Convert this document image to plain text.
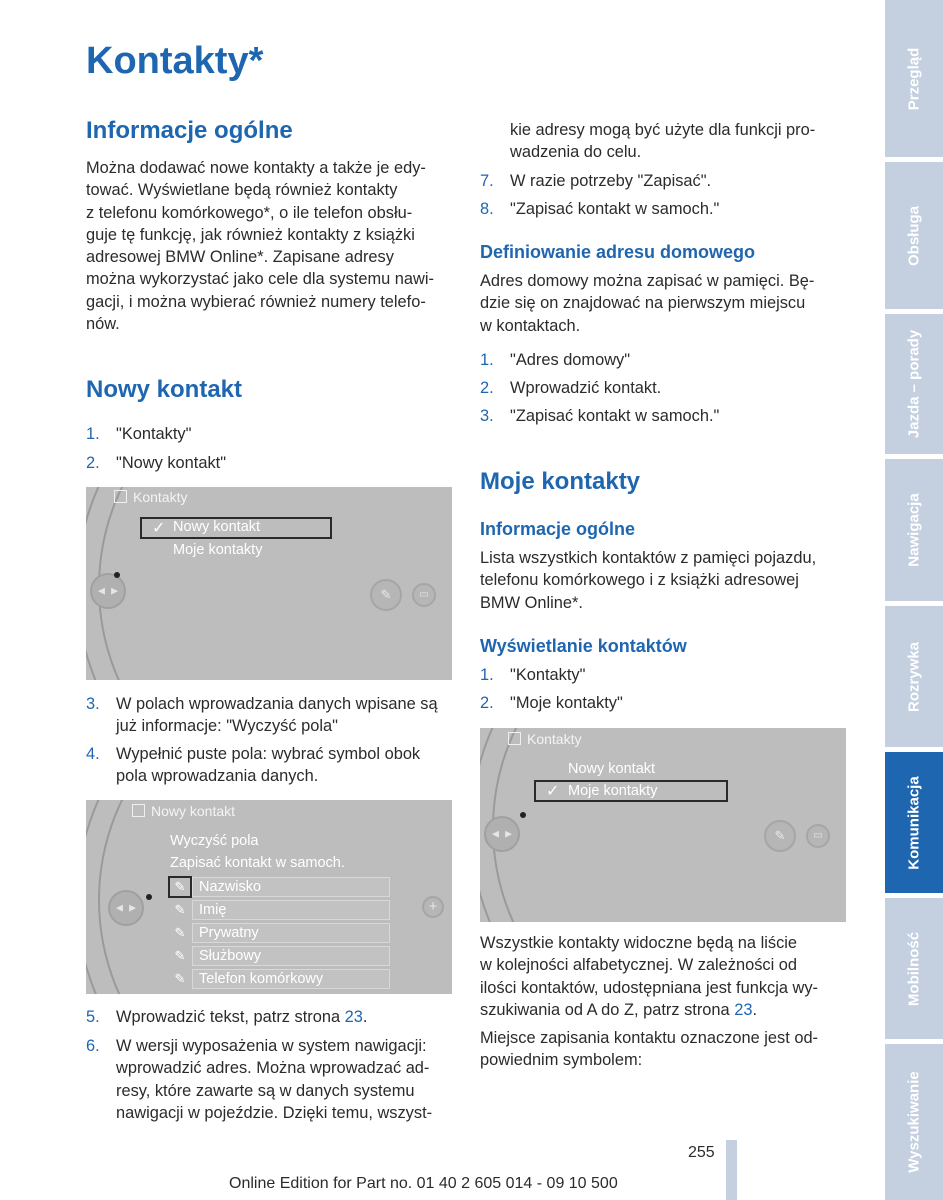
Kontakty*
Informacje ogólne
Można dodawać nowe kontakty a także je edy-
tować. Wyświetlane będą również kontakty
z telefonu komórkowego*, o ile telefon obsłu-
guje tę funkcję, jak również kontakty z książki
adresowej BMW Online*. Zapisane adresy
można wykorzystać jako cele dla systemu nawi-
gacji, i można wybierać również numery telefo-
nów.
Nowy kontakt
1. "Kontakty"
2. "Nowy kontakt"
Kontakty
✓ Nowy kontakt
Moje kontakty
◀ ▶	✎	▭
3. W polach wprowadzania danych wpisane są
już informacje: "Wyczyść pola"
4. Wypełnić puste pola: wybrać symbol obok
pola wprowadzania danych.
Nowy kontakt
Wyczyść pola
Zapisać kontakt w samoch.
✎ Nazwisko
✎ Imię
✎ Prywatny
✎ Służbowy
✎ Telefon komórkowy
◀ ▶	+
5. Wprowadzić tekst, patrz strona 23.
6. W wersji wyposażenia w system nawigacji:
wprowadzić adres. Można wprowadzać ad-
resy, które zawarte są w danych systemu
nawigacji w pojeździe. Dzięki temu, wszyst-
kie adresy mogą być użyte dla funkcji pro-
wadzenia do celu.
7. W razie potrzeby "Zapisać".
8. "Zapisać kontakt w samoch."
Definiowanie adresu domowego
Adres domowy można zapisać w pamięci. Bę-
dzie się on znajdować na pierwszym miejscu
w kontaktach.
1. "Adres domowy"
2. Wprowadzić kontakt.
3. "Zapisać kontakt w samoch."
Moje kontakty
Informacje ogólne
Lista wszystkich kontaktów z pamięci pojazdu,
telefonu komórkowego i z książki adresowej
BMW Online*.
Wyświetlanie kontaktów
1. "Kontakty"
2. "Moje kontakty"
Kontakty
Nowy kontakt
✓ Moje kontakty
◀ ▶	✎	▭
Wszystkie kontakty widoczne będą na liście
w kolejności alfabetycznej. W zależności od
ilości kontaktów, udostępniana jest funkcja wy-
szukiwania od A do Z, patrz strona 23.
Miejsce zapisania kontaktu oznaczone jest od-
powiednim symbolem:
Przegląd
Obsługa
Jazda – porady
Nawigacja
Rozrywka
Komunikacja
Mobilność
Wyszukiwanie
255
Online Edition for Part no. 01 40 2 605 014 - 09 10 500
